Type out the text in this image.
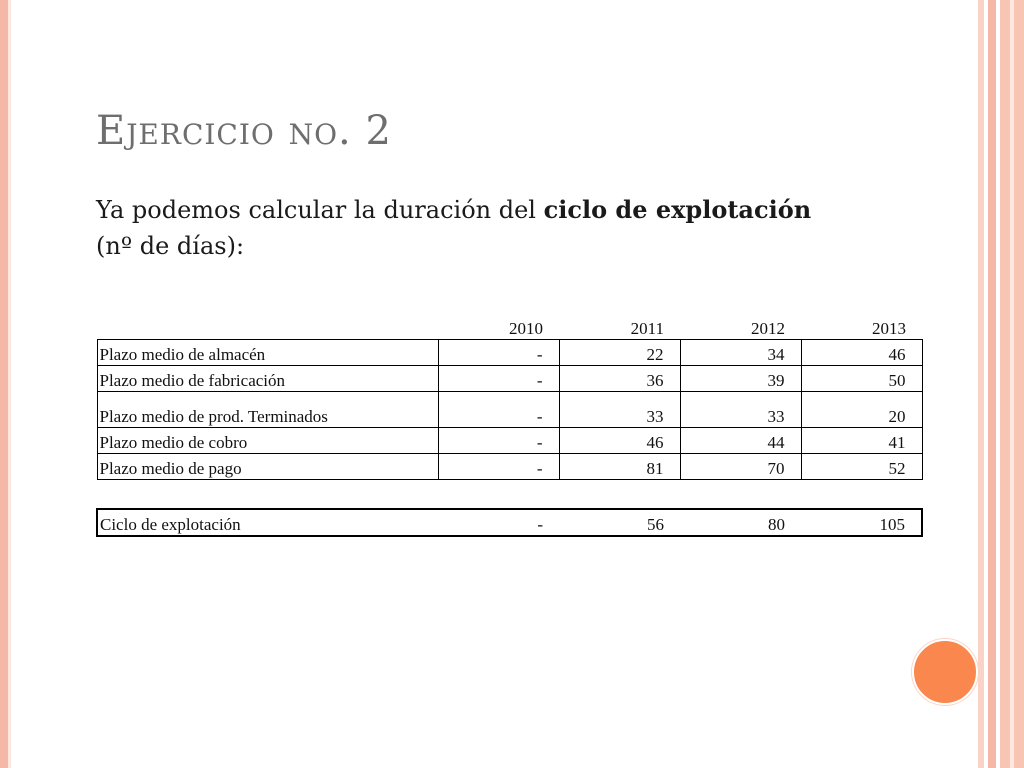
Ejercicio no. 2
Ya podemos calcular la duración del ciclo de explotación
(nº de días):
	2010	2011	2012	2013
Plazo medio de almacén	-	22	34	46
Plazo medio de fabricación	-	36	39	50
Plazo medio de prod. Terminados	-	33	33	20
Plazo medio de cobro	-	46	44	41
Plazo medio de pago	-	81	70	52

Ciclo de explotación	-	56	80	105
